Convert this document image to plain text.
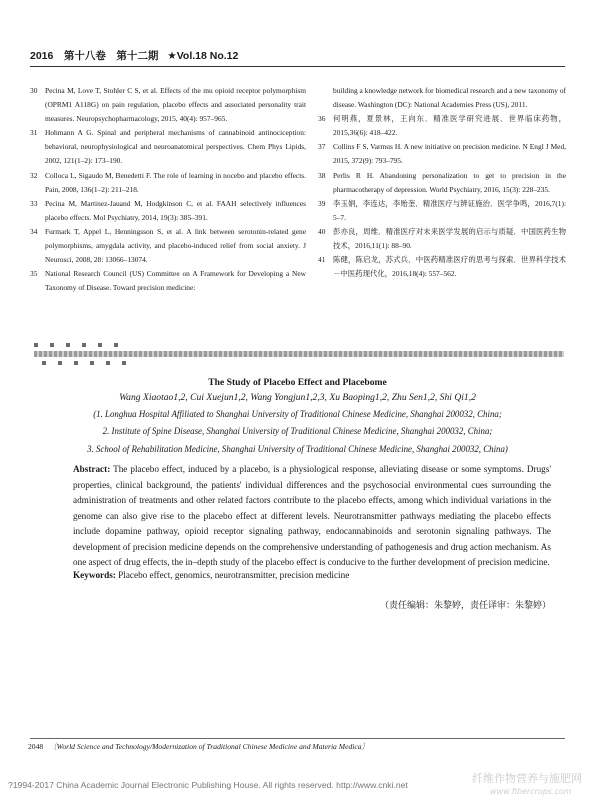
2016　第十八卷　第十二期 ★Vol.18 No.12
30 Pecina M, Love T, Stohler C S, et al. Effects of the mu opioid receptor polymorphism (OPRM1 A118G) on pain regulation, placebo effects and associated personality trait measures. Neuropsychopharmacology, 2015, 40(4): 957–965.
31 Hohmann A G. Spinal and peripheral mechanisms of cannabinoid antinociception: behavioral, neurophysiological and neuroanatomical perspectives. Chem Phys Lipids, 2002, 121(1–2): 173–190.
32 Colloca L, Sigaudo M, Benedetti F. The role of learning in nocebo and placebo effects. Pain, 2008, 136(1–2): 211–218.
33 Pecina M, Martinez-Jauand M, Hodgkinson C, et al. FAAH selectively influences placebo effects. Mol Psychiatry, 2014, 19(3): 385–391.
34 Furmark T, Appel L, Henningsson S, et al. A link between serotonin-related gene polymorphisms, amygdala activity, and placebo-induced relief from social anxiety. J Neurosci, 2008, 28: 13066–13074.
35 National Research Council (US) Committee on A Framework for Developing a New Taxonomy of Disease. Toward precision medicine:
building a knowledge network for biomedical research and a new taxonomy of disease. Washington (DC): National Academies Press (US), 2011.
36 何明燕，夏景林，王向东．精准医学研究进展．世界临床药物，2015,36(6): 418–422.
37 Collins F S, Varmus H. A new initiative on precision medicine. N Engl J Med, 2015, 372(9): 793–795.
38 Perlis R H. Abandoning personalization to get to precision in the pharmacotherapy of depression. World Psychiatry, 2016, 15(3): 228–235.
39 李玉娟，李连达，李贻奎．精准医疗与辨证施治．医学争鸣，2016,7(1): 5–7.
40 彭亦良，周维．精准医疗对未来医学发展的启示与质疑．中国医药生物技术，2016,11(1): 88–90.
41 陈健，陈启龙，苏式兵．中医药精准医疗的思考与探索．世界科学技术－中医药现代化，2016,18(4): 557–562.
The Study of Placebo Effect and Placebome
Wang Xiaotao1,2, Cui Xuejun1,2, Wang Yongjun1,2,3, Xu Baoping1,2, Zhu Sen1,2, Shi Qi1,2
(1. Longhua Hospital Affiliated to Shanghai University of Traditional Chinese Medicine, Shanghai 200032, China;
2. Institute of Spine Disease, Shanghai University of Traditional Chinese Medicine, Shanghai 200032, China;
3. School of Rehabilitation Medicine, Shanghai University of Traditional Chinese Medicine, Shanghai 200032, China)
Abstract: The placebo effect, induced by a placebo, is a physiological response, alleviating disease or some symptoms. Drugs' properties, clinical background, the patients' individual differences and the psychosocial environmental cues surrounding the administration of treatments and other related factors contribute to the placebo effects, among which individual variations in the genome can also give rise to the placebo effect at different levels. Neurotransmitter pathways mediating the placebo effects include dopamine pathway, opioid receptor signaling pathway, endocannabinoids and serotonin signaling pathways. The development of precision medicine depends on the comprehensive understanding of pathogenesis and drug action mechanism. As one aspect of drug effects, the in–depth study of the placebo effect is conducive to the further development of precision medicine.
Keywords: Placebo effect, genomics, neurotransmitter, precision medicine
（责任编辑：朱黎婷，责任译审：朱黎婷）
2048 〔World Science and Technology/Modernization of Traditional Chinese Medicine and Materia Medica〕
?1994-2017 China Academic Journal Electronic Publishing House. All rights reserved. http://www.cnki.net	纤维作物营养与施肥网
www.fibercrops.com
